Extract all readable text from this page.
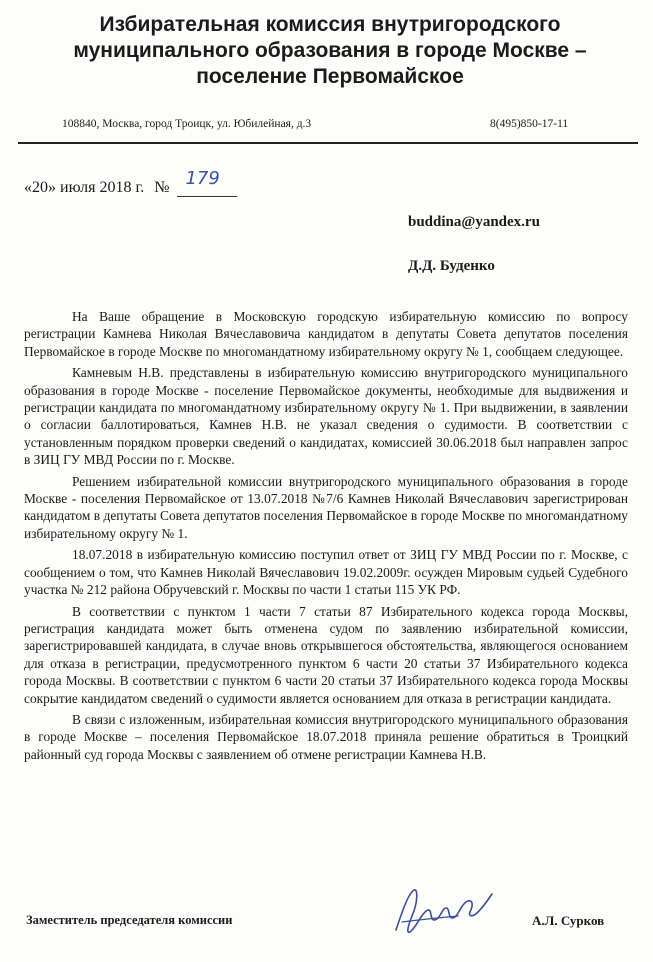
Избирательная комиссия внутригородского
муниципального образования в городе Москве –
поселение Первомайское
108840, Москва, город Троицк, ул. Юбилейная, д.3	8(495)850-17-11
«20» июля 2018 г. № 179
buddina@yandex.ru
Д.Д. Буденко

На Ваше обращение в Московскую городскую избирательную комиссию по вопросу регистрации Камнева Николая Вячеславовича кандидатом в депутаты Совета депутатов поселения Первомайское в городе Москве по многомандатному избирательному округу № 1, сообщаем следующее.

Камневым Н.В. представлены в избирательную комиссию внутригородского муниципального образования в городе Москве - поселение Первомайское документы, необходимые для выдвижения и регистрации кандидата по многомандатному избирательному округу № 1. При выдвижении, в заявлении о согласии баллотироваться, Камнев Н.В. не указал сведения о судимости. В соответствии с установленным порядком проверки сведений о кандидатах, комиссией 30.06.2018 был направлен запрос в ЗИЦ ГУ МВД России по г. Москве.

Решением избирательной комиссии внутригородского муниципального образования в городе Москве - поселения Первомайское от 13.07.2018 №7/6 Камнев Николай Вячеславович зарегистрирован кандидатом в депутаты Совета депутатов поселения Первомайское в городе Москве по многомандатному избирательному округу № 1.

18.07.2018 в избирательную комиссию поступил ответ от ЗИЦ ГУ МВД России по г. Москве, с сообщением о том, что Камнев Николай Вячеславович 19.02.2009г. осужден Мировым судьей Судебного участка № 212 района Обручевский г. Москвы по части 1 статьи 115 УК РФ.

В соответствии с пунктом 1 части 7 статьи 87 Избирательного кодекса города Москвы, регистрация кандидата может быть отменена судом по заявлению избирательной комиссии, зарегистрировавшей кандидата, в случае вновь открывшегося обстоятельства, являющегося основанием для отказа в регистрации, предусмотренного пунктом 6 части 20 статьи 37 Избирательного кодекса города Москвы. В соответствии с пунктом 6 части 20 статьи 37 Избирательного кодекса города Москвы сокрытие кандидатом сведений о судимости является основанием для отказа в регистрации кандидата.

В связи с изложенным, избирательная комиссия внутригородского муниципального образования в городе Москве – поселения Первомайское 18.07.2018 приняла решение обратиться в Троицкий районный суд города Москвы с заявлением об отмене регистрации Камнева Н.В.

Заместитель председателя комиссии	А.Л. Сурков
